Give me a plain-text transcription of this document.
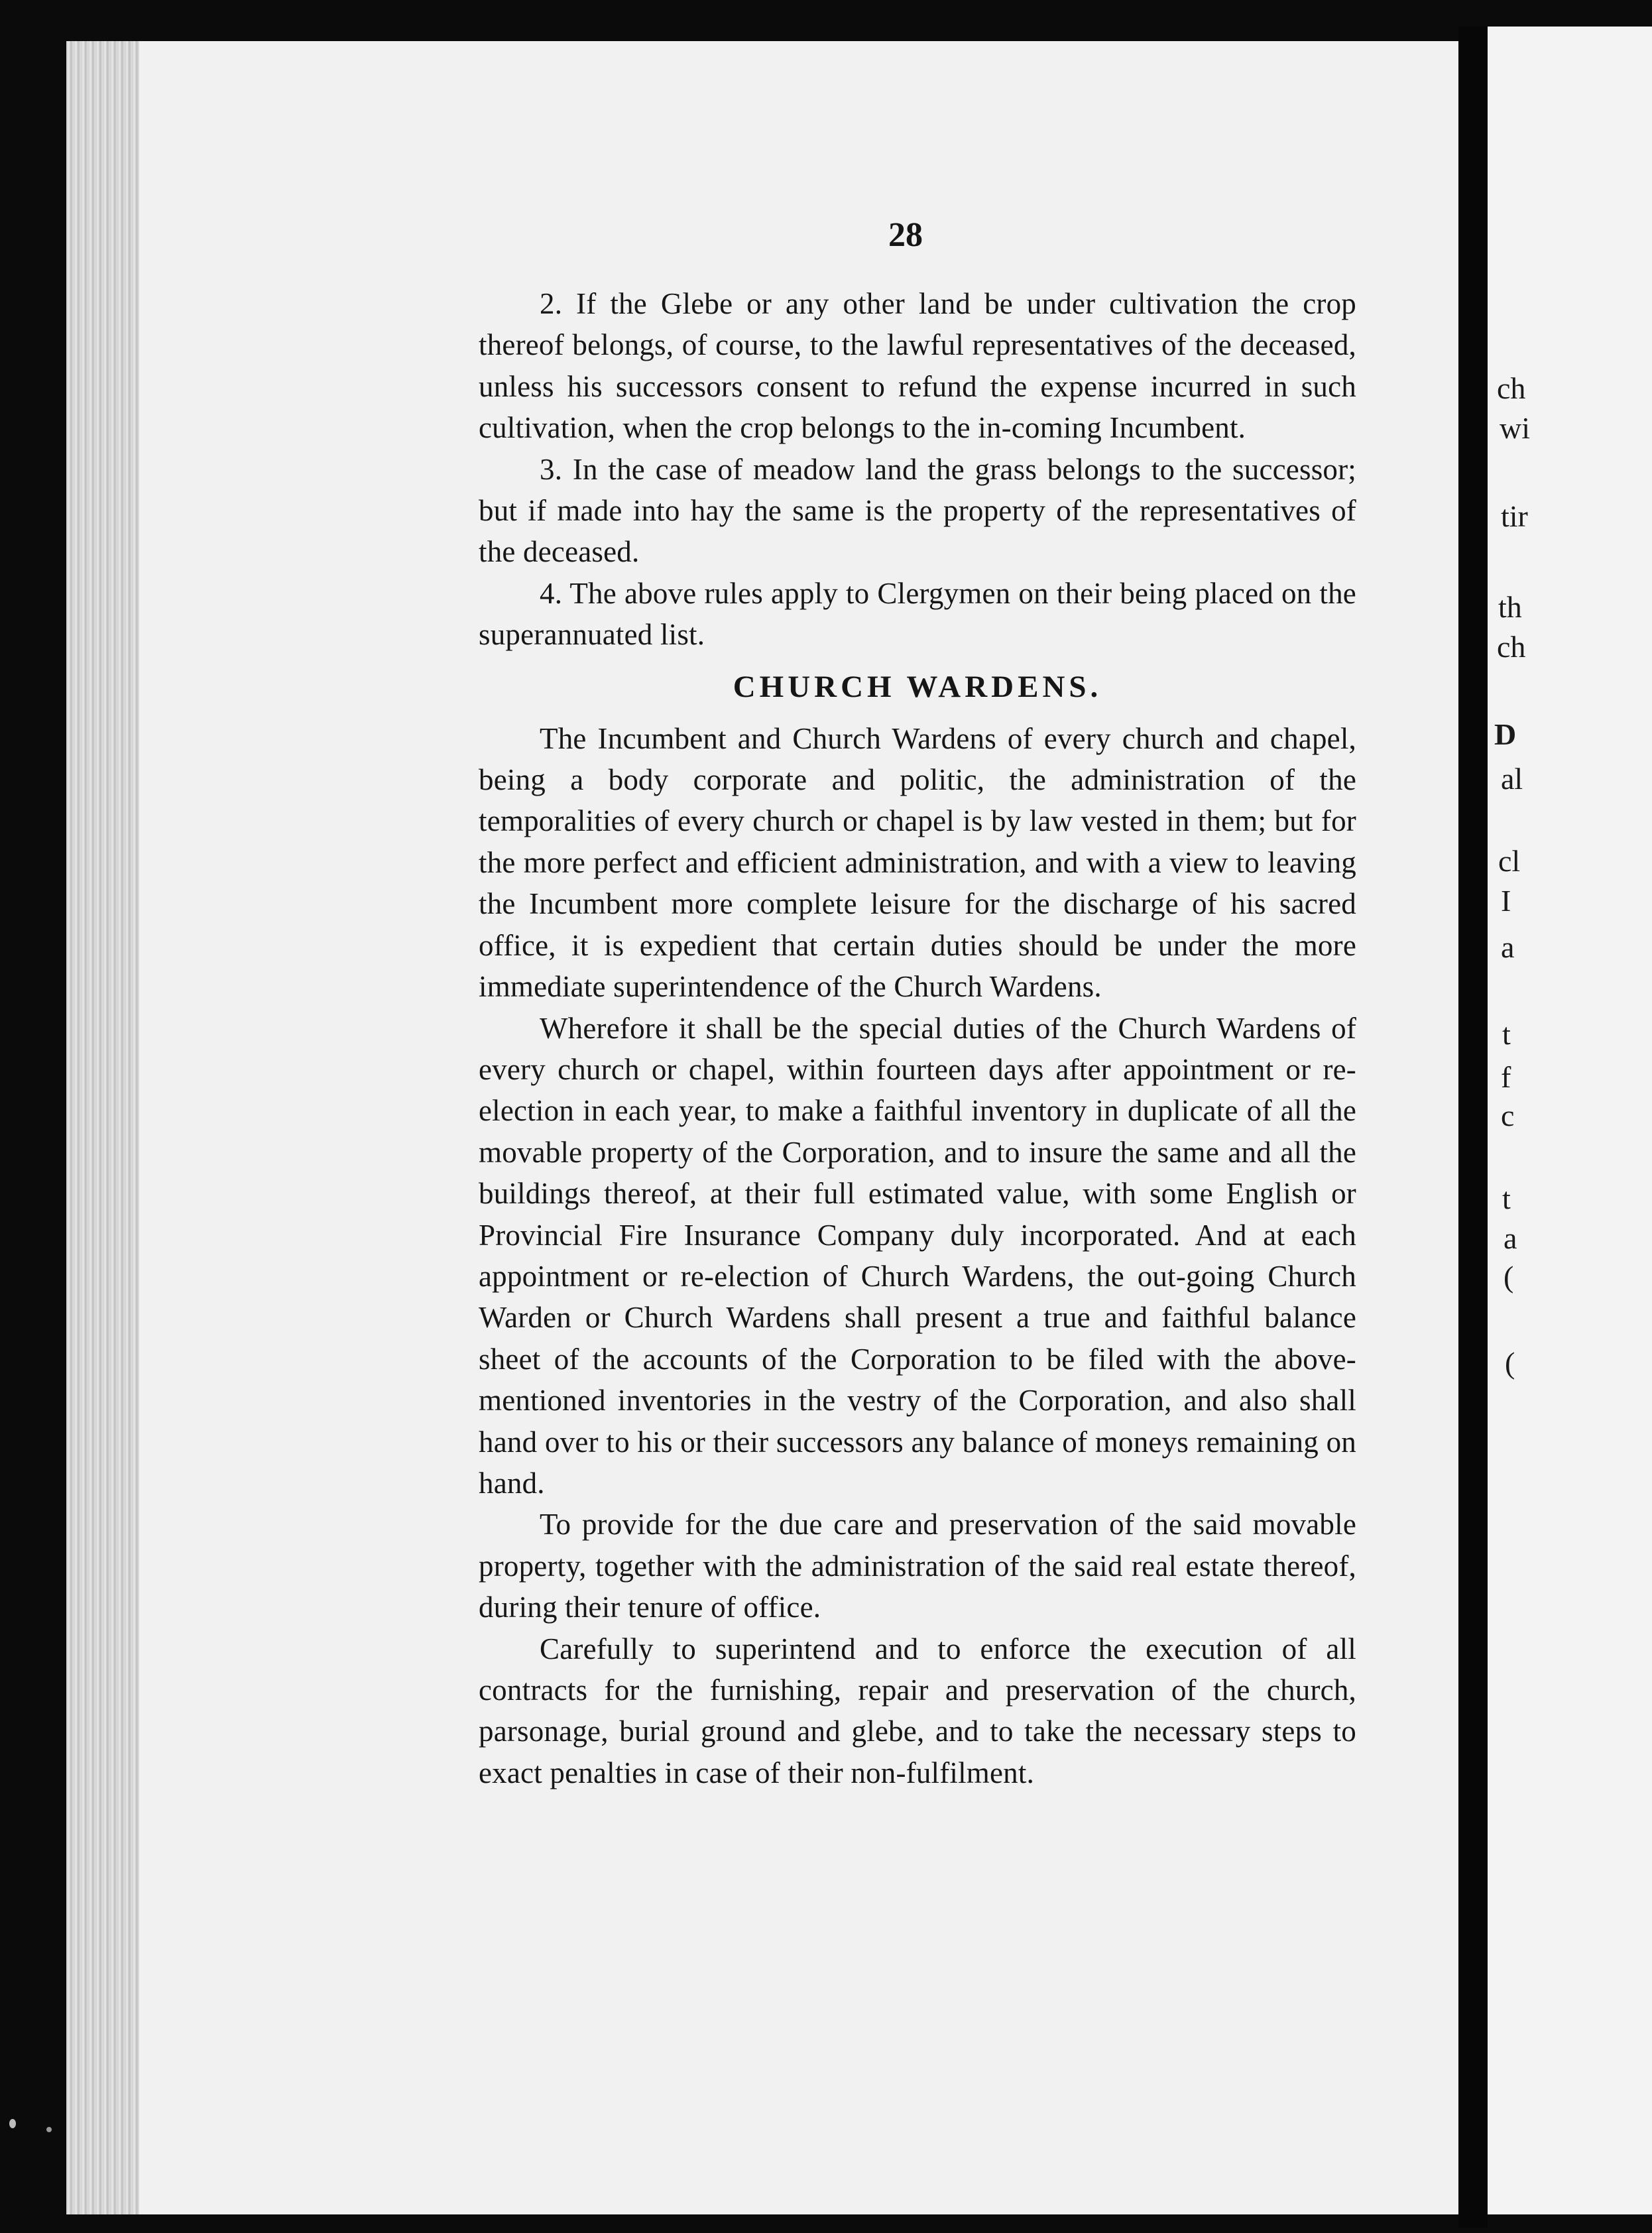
ch
wi
tir
th
ch
D
al
cl
I
a
t
f
c
t
a
(
(
28

2. If the Glebe or any other land be under cultivation the crop thereof belongs, of course, to the lawful representatives of the deceased, unless his successors consent to refund the expense incurred in such cultivation, when the crop belongs to the in-coming Incumbent.

3. In the case of meadow land the grass belongs to the successor; but if made into hay the same is the property of the representatives of the deceased.

4. The above rules apply to Clergymen on their being placed on the superannuated list.

CHURCH WARDENS.

The Incumbent and Church Wardens of every church and chapel, being a body corporate and politic, the administration of the temporalities of every church or chapel is by law vested in them; but for the more perfect and efficient administration, and with a view to leaving the Incumbent more complete leisure for the discharge of his sacred office, it is expedient that certain duties should be under the more immediate superintendence of the Church Wardens.

Wherefore it shall be the special duties of the Church Wardens of every church or chapel, within fourteen days after appointment or re-election in each year, to make a faithful inventory in duplicate of all the movable property of the Corporation, and to insure the same and all the buildings thereof, at their full estimated value, with some English or Provincial Fire Insurance Company duly incorporated. And at each appointment or re-election of Church Wardens, the out-going Church Warden or Church Wardens shall present a true and faithful balance sheet of the accounts of the Corporation to be filed with the above-mentioned inventories in the vestry of the Corporation, and also shall hand over to his or their successors any balance of moneys remaining on hand.

To provide for the due care and preservation of the said movable property, together with the administration of the said real estate thereof, during their tenure of office.

Carefully to superintend and to enforce the execution of all contracts for the furnishing, repair and preservation of the church, parsonage, burial ground and glebe, and to take the necessary steps to exact penalties in case of their non-fulfilment.
